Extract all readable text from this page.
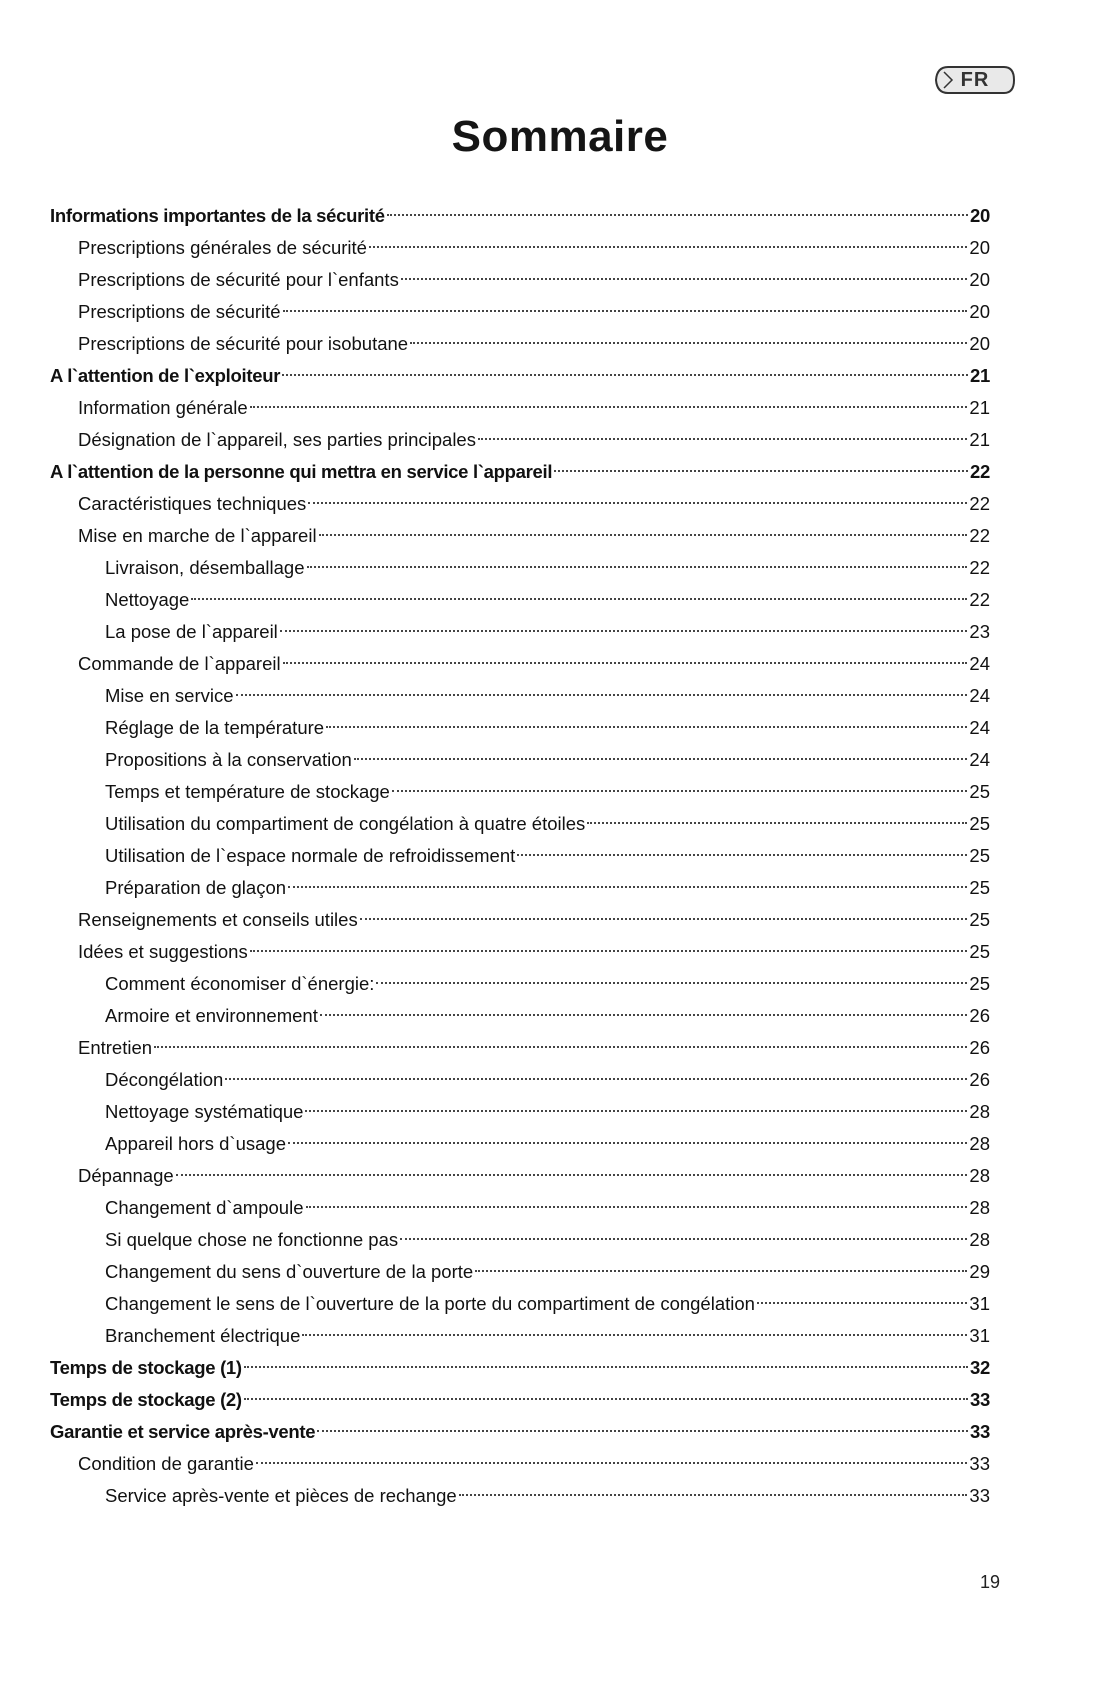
FR
Sommaire
Informations importantes de la sécurité	20
Prescriptions générales de sécurité	20
Prescriptions de sécurité pour l`enfants	20
Prescriptions de sécurité	20
Prescriptions de sécurité pour isobutane	20
A l`attention de l`exploiteur	21
Information générale	21
Désignation de l`appareil, ses parties principales	21
A l`attention de la personne qui mettra en service l`appareil	22
Caractéristiques techniques	22
Mise en marche de l`appareil	22
Livraison, désemballage	22
Nettoyage	22
La pose de l`appareil	23
Commande de l`appareil	24
Mise en service	24
Réglage de la température	24
Propositions à la conservation	24
Temps et température de stockage	25
Utilisation du compartiment de congélation à quatre étoiles	25
Utilisation de l`espace normale de refroidissement	25
Préparation de glaçon	25
Renseignements et conseils utiles	25
Idées et suggestions	25
Comment économiser d`énergie:	25
Armoire et environnement	26
Entretien	26
Décongélation	26
Nettoyage systématique	28
Appareil hors d`usage	28
Dépannage	28
Changement d`ampoule	28
Si quelque chose ne fonctionne pas	28
Changement du sens d`ouverture de la porte	29
Changement le sens de l`ouverture de la porte du compartiment de congélation	31
Branchement électrique	31
Temps de stockage (1)	32
Temps de stockage (2)	33
Garantie et service après-vente	33
Condition de garantie	33
Service après-vente et pièces de rechange	33
19
